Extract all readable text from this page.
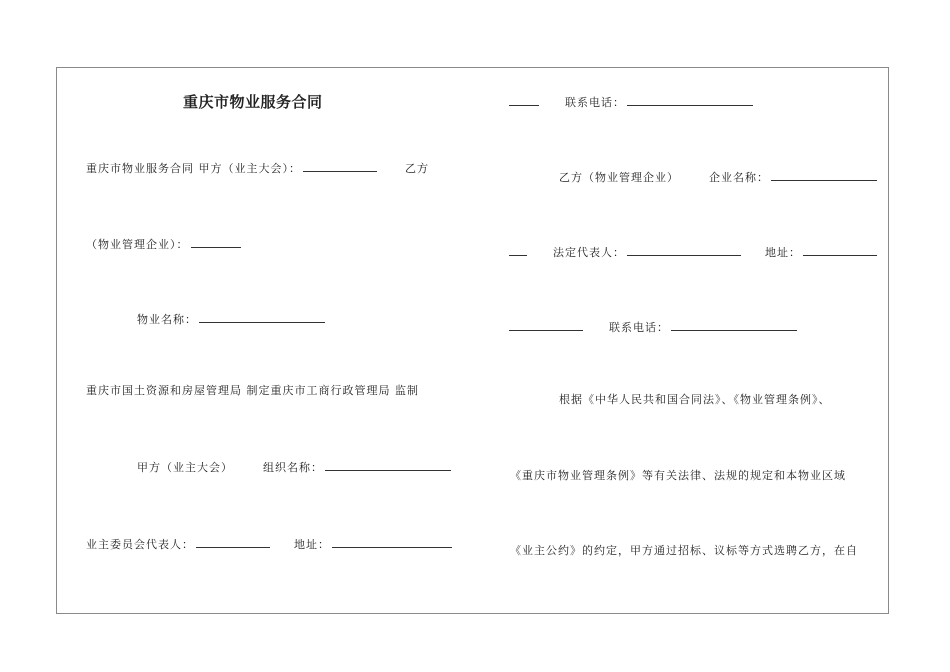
重庆市物业服务合同
重庆市物业服务合同 甲方（业主大会）：	乙方
（物业管理企业）：
物业名称：
重庆市国土资源和房屋管理局 制定重庆市工商行政管理局 监制
甲方（业主大会）	组织名称：
业主委员会代表人：	地址：
联系电话：
乙方（物业管理企业）	企业名称：
法定代表人：	地址：
联系电话：
根据《中华人民共和国合同法》、《物业管理条例》、
《重庆市物业管理条例》等有关法律、法规的规定和本物业区域
《业主公约》的约定，甲方通过招标、议标等方式选聘乙方，在自
